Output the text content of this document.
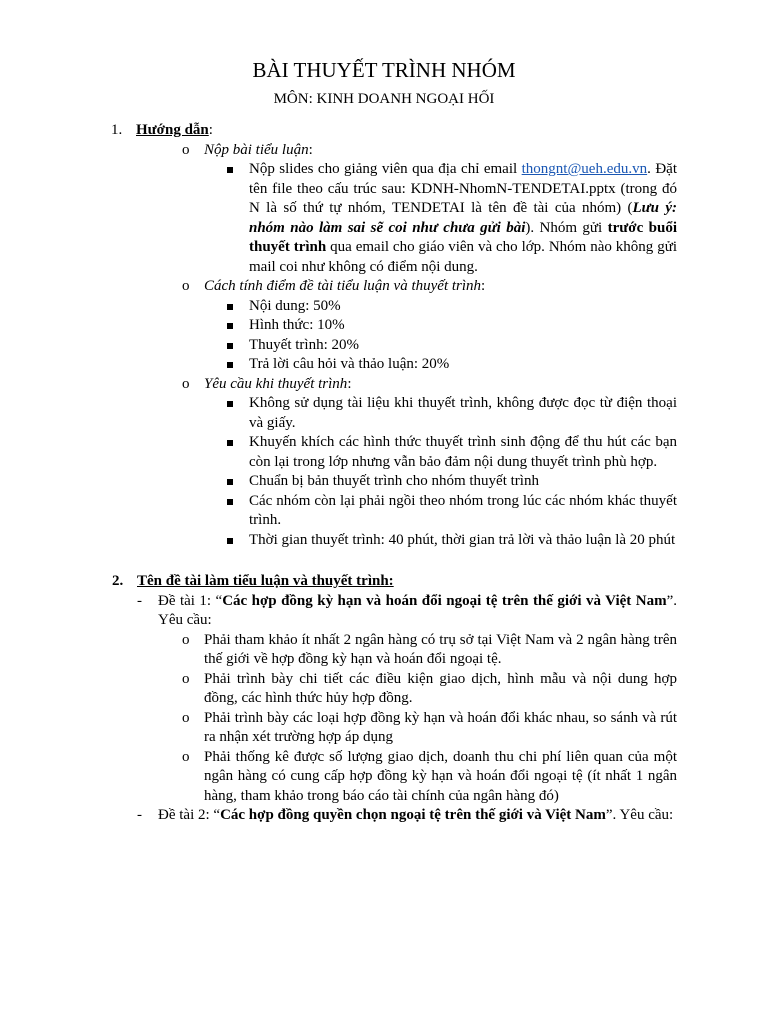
BÀI THUYẾT TRÌNH NHÓM
MÔN: KINH DOANH NGOẠI HỐI
1. Hướng dẫn:
o Nộp bài tiểu luận:
Nộp slides cho giảng viên qua địa chỉ email thongnt@ueh.edu.vn. Đặt tên file theo cấu trúc sau: KDNH-NhomN-TENDETAI.pptx (trong đó N là số thứ tự nhóm, TENDETAI là tên đề tài của nhóm) (Lưu ý: nhóm nào làm sai sẽ coi như chưa gửi bài). Nhóm gửi trước buổi thuyết trình qua email cho giáo viên và cho lớp. Nhóm nào không gửi mail coi như không có điểm nội dung.
o Cách tính điểm đề tài tiểu luận và thuyết trình:
Nội dung: 50%
Hình thức: 10%
Thuyết trình: 20%
Trả lời câu hỏi và thảo luận: 20%
o Yêu cầu khi thuyết trình:
Không sử dụng tài liệu khi thuyết trình, không được đọc từ điện thoại và giấy.
Khuyến khích các hình thức thuyết trình sinh động để thu hút các bạn còn lại trong lớp nhưng vẫn bảo đảm nội dung thuyết trình phù hợp.
Chuẩn bị bản thuyết trình cho nhóm thuyết trình
Các nhóm còn lại phải ngồi theo nhóm trong lúc các nhóm khác thuyết trình.
Thời gian thuyết trình: 40 phút, thời gian trả lời và thảo luận là 20 phút
2. Tên đề tài làm tiểu luận và thuyết trình:
- Đề tài 1: “Các hợp đồng kỳ hạn và hoán đổi ngoại tệ trên thế giới và Việt Nam”. Yêu cầu:
o Phải tham khảo ít nhất 2 ngân hàng có trụ sở tại Việt Nam và 2 ngân hàng trên thế giới về hợp đồng kỳ hạn và hoán đổi ngoại tệ.
o Phải trình bày chi tiết các điều kiện giao dịch, hình mẫu và nội dung hợp đồng, các hình thức hủy hợp đồng.
o Phải trình bày các loại hợp đồng kỳ hạn và hoán đổi khác nhau, so sánh và rút ra nhận xét trường hợp áp dụng
o Phải thống kê được số lượng giao dịch, doanh thu chi phí liên quan của một ngân hàng có cung cấp hợp đồng kỳ hạn và hoán đổi ngoại tệ (ít nhất 1 ngân hàng, tham khảo trong báo cáo tài chính của ngân hàng đó)
- Đề tài 2: “Các hợp đồng quyền chọn ngoại tệ trên thế giới và Việt Nam”. Yêu cầu:
